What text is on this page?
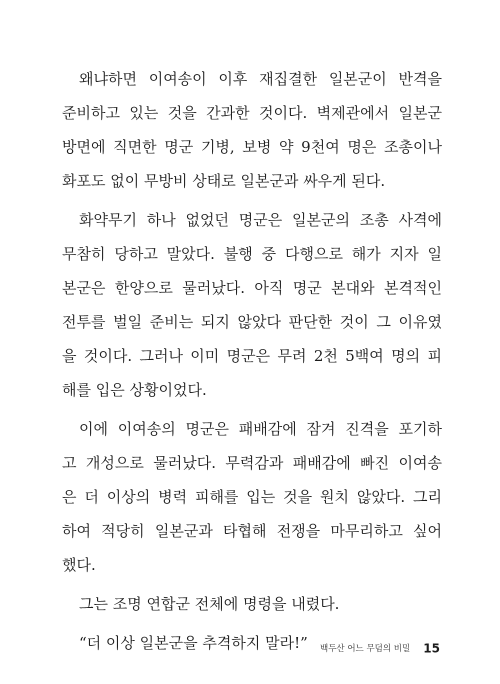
왜냐하면 이여송이 이후 재집결한 일본군이 반격을
준비하고 있는 것을 간과한 것이다. 벽제관에서 일본군
방면에 직면한 명군 기병, 보병 약 9천여 명은 조총이나
화포도 없이 무방비 상태로 일본군과 싸우게 된다.
화약무기 하나 없었던 명군은 일본군의 조총 사격에
무참히 당하고 말았다. 불행 중 다행으로 해가 지자 일
본군은 한양으로 물러났다. 아직 명군 본대와 본격적인
전투를 벌일 준비는 되지 않았다 판단한 것이 그 이유였
을 것이다. 그러나 이미 명군은 무려 2천 5백여 명의 피
해를 입은 상황이었다.
이에 이여송의 명군은 패배감에 잠겨 진격을 포기하
고 개성으로 물러났다. 무력감과 패배감에 빠진 이여송
은 더 이상의 병력 피해를 입는 것을 원치 않았다. 그리
하여 적당히 일본군과 타협해 전쟁을 마무리하고 싶어
했다.
그는 조명 연합군 전체에 명령을 내렸다.
“더 이상 일본군을 추격하지 말라!”	백두산 어느 무덤의 비밀 15
